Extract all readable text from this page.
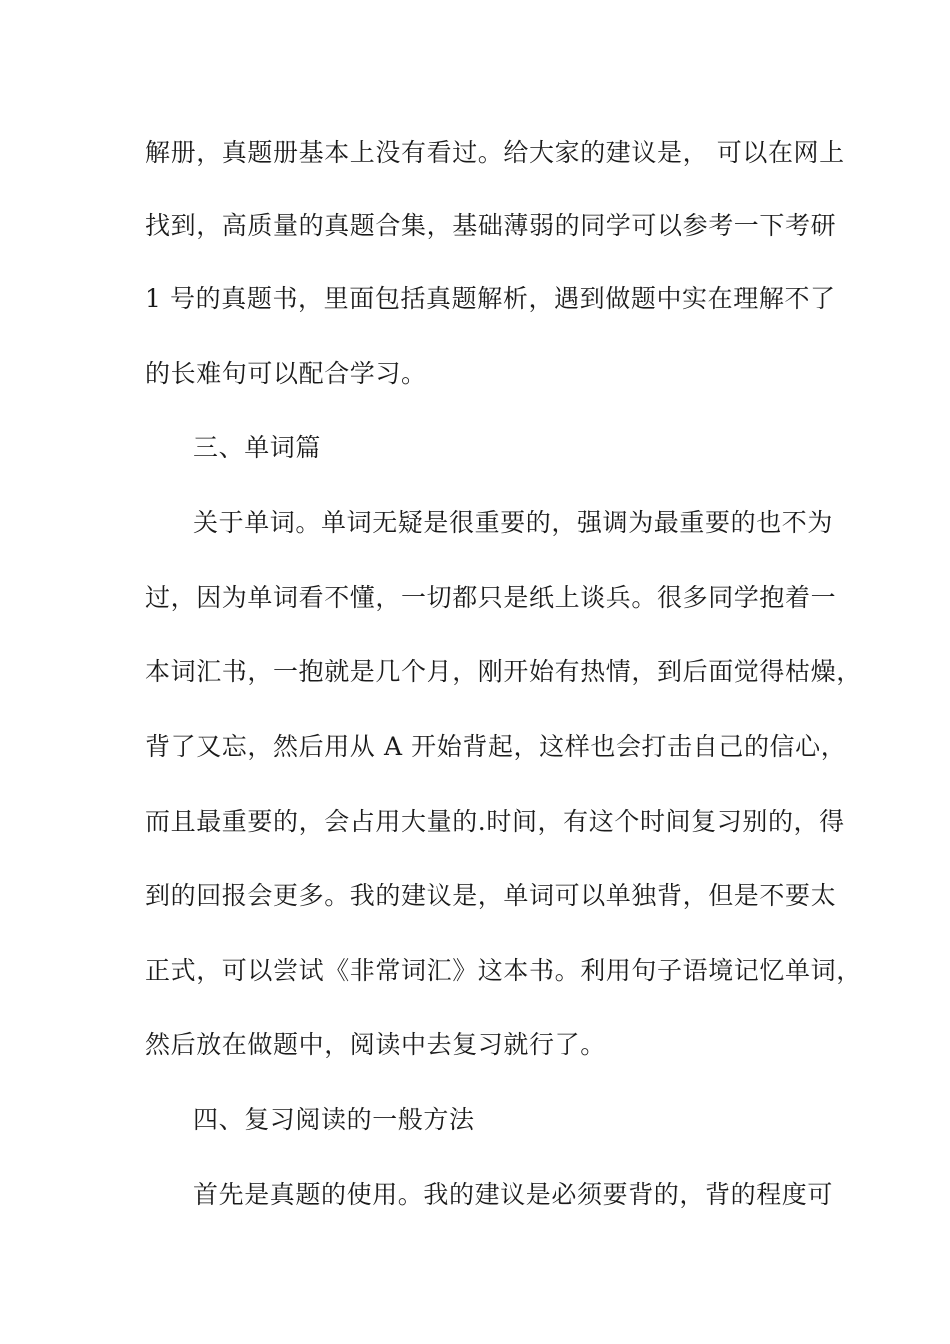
解册，真题册基本上没有看过。给大家的建议是， 可以在网上
找到，高质量的真题合集，基础薄弱的同学可以参考一下考研
1 号的真题书，里面包括真题解析，遇到做题中实在理解不了
的长难句可以配合学习。
三、单词篇
关于单词。单词无疑是很重要的，强调为最重要的也不为
过，因为单词看不懂，一切都只是纸上谈兵。很多同学抱着一
本词汇书，一抱就是几个月，刚开始有热情，到后面觉得枯燥，
背了又忘，然后用从 A 开始背起，这样也会打击自己的信心，
而且最重要的，会占用大量的.时间，有这个时间复习别的，得
到的回报会更多。我的建议是，单词可以单独背，但是不要太
正式，可以尝试《非常词汇》这本书。利用句子语境记忆单词，
然后放在做题中，阅读中去复习就行了。
四、复习阅读的一般方法
首先是真题的使用。我的建议是必须要背的，背的程度可
